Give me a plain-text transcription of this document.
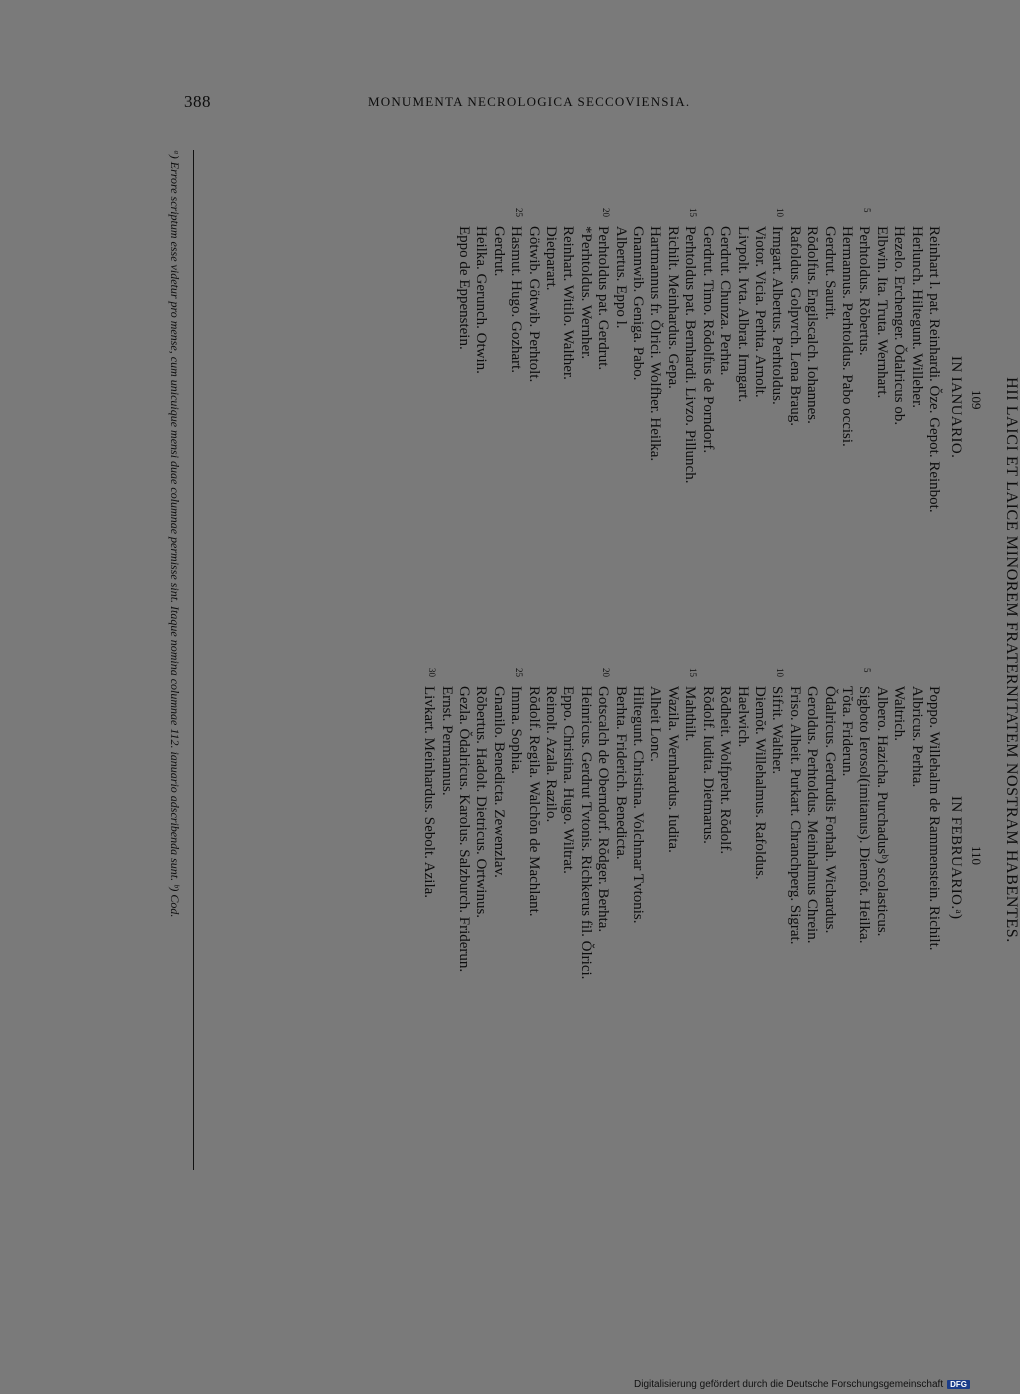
388	MONUMENTA NECROLOGICA SECCOVIENSIA.
HII LAICI ET LAICE MINOREM FRATERNITATEM NOSTRAM HABENTES.
109
IN IANUARIO.
Reinhart l. pat. Reinhardi. Ŏze. Gepot. Reinbot.
Herlunch. Hiltegunt. Willeher.
Hezelo. Erchenger. Ŏdalricus ob.
Elbwin. Ita. Truta. Wernhart.
5
Perhtoldus. Rŏbertus.
Hermannus. Perhtoldus. Pabo occisi.
Gerdrut. Saurit.
Rŏdolfus. Engilscalch. Iohannes.
Rafoldus. Golpvrch. Lena Braug.
10
Irmgart. Albertus. Perhtoldus.
Viotor. Vicia. Perhta. Arnolt.
Livpolt. Ivta. Albrat. Irmgart.
Gerdrut. Chunza. Perhta.
Gerdrut. Timo. Rŏdolfus de Porndorf.
15
Perhtoldus pat. Bernhardi. Livzo. Pillunch.
Richilt. Meinhardus. Gepa.
Hartmannus fr. Ŏlrici. Wolfher. Heilka.
Gnannwib. Geniga. Pabo.
Albertus. Eppo l.
20
Perhtoldus pat. Gerdrut.
*Perhtoldus. Wernher.
Reinhart. Witilo. Walther.
Dietparart.
Götwib. Götwib. Perhtolt.
25
Hasmut. Hugo. Gozhart.
Gerdrut.
Heilka. Gerunch. Otwin.
Eppo de Eppenstein.
110
IN FEBRUARIO.ᵃ)
Poppo. Willehalm de Rammenstein. Richilt.
Albricus. Perhta.
Waltrich.
Albero. Hazicha. Purchadusᵇ) scolasticus.
5
Sigboto Ierosol(imitanus). Diemŏt. Heilka.
Tŏta. Friderun.
Ŏdalricus. Gerdrudis Forhah. Wichardus.
Geroldus. Perhtoldus. Meinhalmus Chrein.
Friso. Alheit. Purkart. Chranchperg. Sigrat.
10
Sifrit. Walther.
Diemŏt. Willehalmus. Rafoldus.
Haelwich.
Rŏdheit. Wolfpreht. Rŏdolf.
Rŏdolf. Iudita. Dietmarus.
15
Mahthilt.
Wazila. Wernhardus. Iudita.
Alheit Lonc.
Hiltegunt. Christina. Volchmar Tvtonis.
Berhta. Friderich. Benedicta.
20
Gotscalch de Oberndorf. Rŏdger. Berhta.
Heinricus. Gerdrut Tvtonis. Richkerus fil. Ŏlrici.
Eppo. Christina. Hugo. Wiltrat.
Reinolt. Azala. Razilo.
Rŏdolf. Regila. Walchŏn de Machlant.
25
Imma. Sophia.
Gnanilo. Benedicta. Zewenzlav.
Rŏbertus. Hadolt. Dietricus. Ortwinus.
Gezla. Ŏdalricus. Karolus. Salzburch. Friderun.
Ernst. Permannus.
30
Livkart. Meinhardus. Sebolt. Azila.
ᵃ) Errore scriptum esse videtur pro mense, cum unicuique mensi duae columnae permisse sint. Itaque nomina columnae 112. ianuario adscribenda sunt. ᵇ) Cod.
Digitalisierung gefördert durch die Deutsche Forschungsgemeinschaft DFG
